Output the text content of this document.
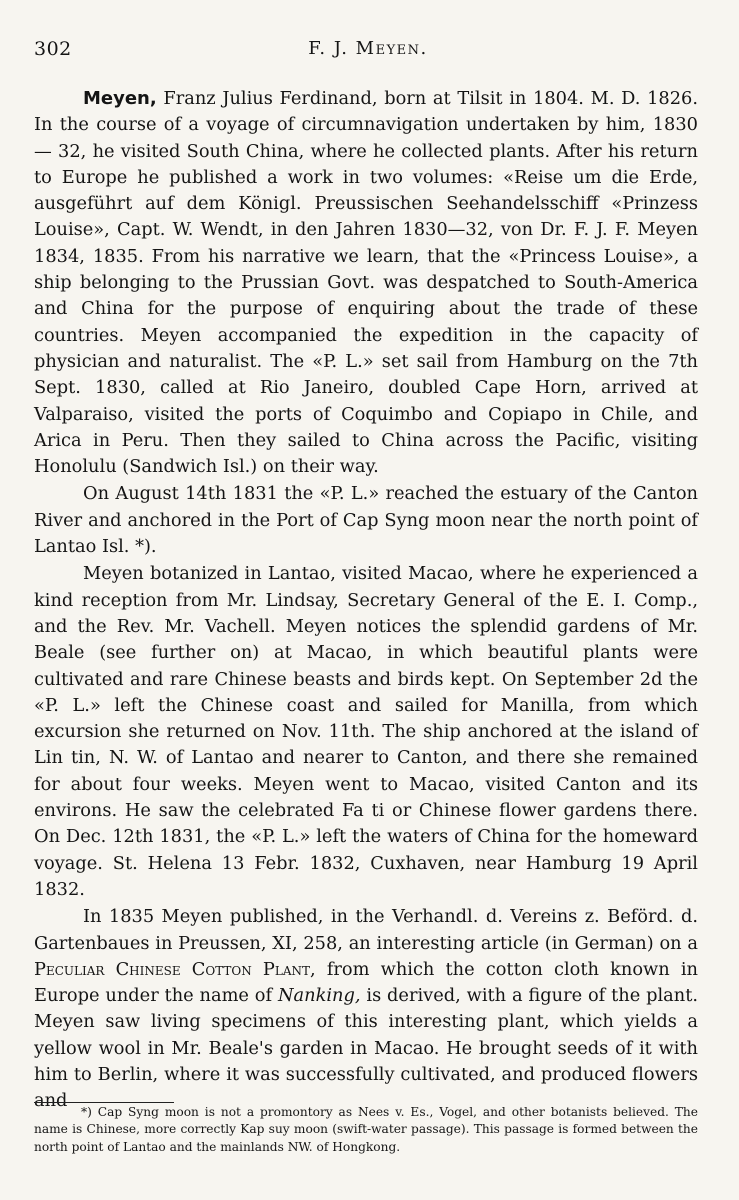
302	F. J. Meyen.

Meyen, Franz Julius Ferdinand, born at Tilsit in 1804. M. D. 1826. In the course of a voyage of circumnavigation undertaken by him, 1830 — 32, he visited South China, where he collected plants. After his return to Europe he published a work in two volumes: «Reise um die Erde, ausgeführt auf dem Königl. Preussischen Seehandelsschiff «Prinzess Louise», Capt. W. Wendt, in den Jahren 1830—32, von Dr. F. J. F. Meyen 1834, 1835. From his narrative we learn, that the «Princess Louise», a ship belonging to the Prussian Govt. was despatched to South-America and China for the purpose of enquiring about the trade of these countries. Meyen accompanied the expedition in the capacity of physician and naturalist. The «P. L.» set sail from Hamburg on the 7th Sept. 1830, called at Rio Janeiro, doubled Cape Horn, arrived at Valparaiso, visited the ports of Coquimbo and Copiapo in Chile, and Arica in Peru. Then they sailed to China across the Pacific, visiting Honolulu (Sandwich Isl.) on their way.

On August 14th 1831 the «P. L.» reached the estuary of the Canton River and anchored in the Port of Cap Syng moon near the north point of Lantao Isl. *).

Meyen botanized in Lantao, visited Macao, where he experienced a kind reception from Mr. Lindsay, Secretary General of the E. I. Comp., and the Rev. Mr. Vachell. Meyen notices the splendid gardens of Mr. Beale (see further on) at Macao, in which beautiful plants were cultivated and rare Chinese beasts and birds kept. On September 2d the «P. L.» left the Chinese coast and sailed for Manilla, from which excursion she returned on Nov. 11th. The ship anchored at the island of Lin tin, N. W. of Lantao and nearer to Canton, and there she remained for about four weeks. Meyen went to Macao, visited Canton and its environs. He saw the celebrated Fa ti or Chinese flower gardens there. On Dec. 12th 1831, the «P. L.» left the waters of China for the homeward voyage. St. Helena 13 Febr. 1832, Cuxhaven, near Hamburg 19 April 1832.

In 1835 Meyen published, in the Verhandl. d. Vereins z. Beförd. d. Gartenbaues in Preussen, XI, 258, an interesting article (in German) on a Peculiar Chinese Cotton Plant, from which the cotton cloth known in Europe under the name of Nanking, is derived, with a figure of the plant. Meyen saw living specimens of this interesting plant, which yields a yellow wool in Mr. Beale's garden in Macao. He brought seeds of it with him to Berlin, where it was successfully cultivated, and produced flowers and

*) Cap Syng moon is not a promontory as Nees v. Es., Vogel, and other botanists believed. The name is Chinese, more correctly Kap suy moon (swift-water passage). This passage is formed between the north point of Lantao and the mainlands NW. of Hongkong.
